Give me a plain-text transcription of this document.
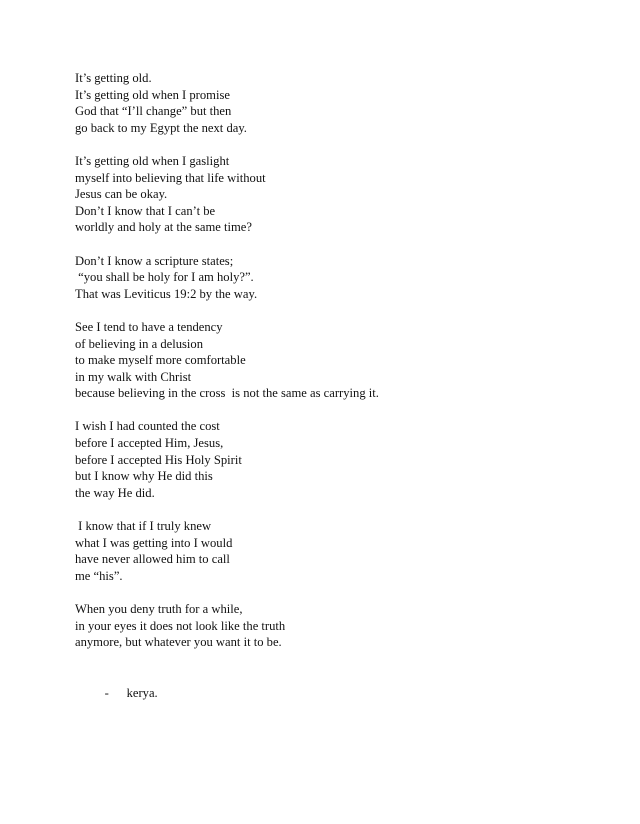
It’s getting old.
It’s getting old when I promise
God that “I’ll change” but then
go back to my Egypt the next day.
It’s getting old when I gaslight
myself into believing that life without
Jesus can be okay.
Don’t I know that I can’t be
worldly and holy at the same time?
Don’t I know a scripture states;
“you shall be holy for I am holy?”.
That was Leviticus 19:2 by the way.
See I tend to have a tendency
of believing in a delusion
to make myself more comfortable
in my walk with Christ
because believing in the cross  is not the same as carrying it.
I wish I had counted the cost
before I accepted Him, Jesus,
before I accepted His Holy Spirit
but I know why He did this
the way He did.
I know that if I truly knew
what I was getting into I would
have never allowed him to call
me “his”.
When you deny truth for a while,
in your eyes it does not look like the truth
anymore, but whatever you want it to be.

- kerya.
